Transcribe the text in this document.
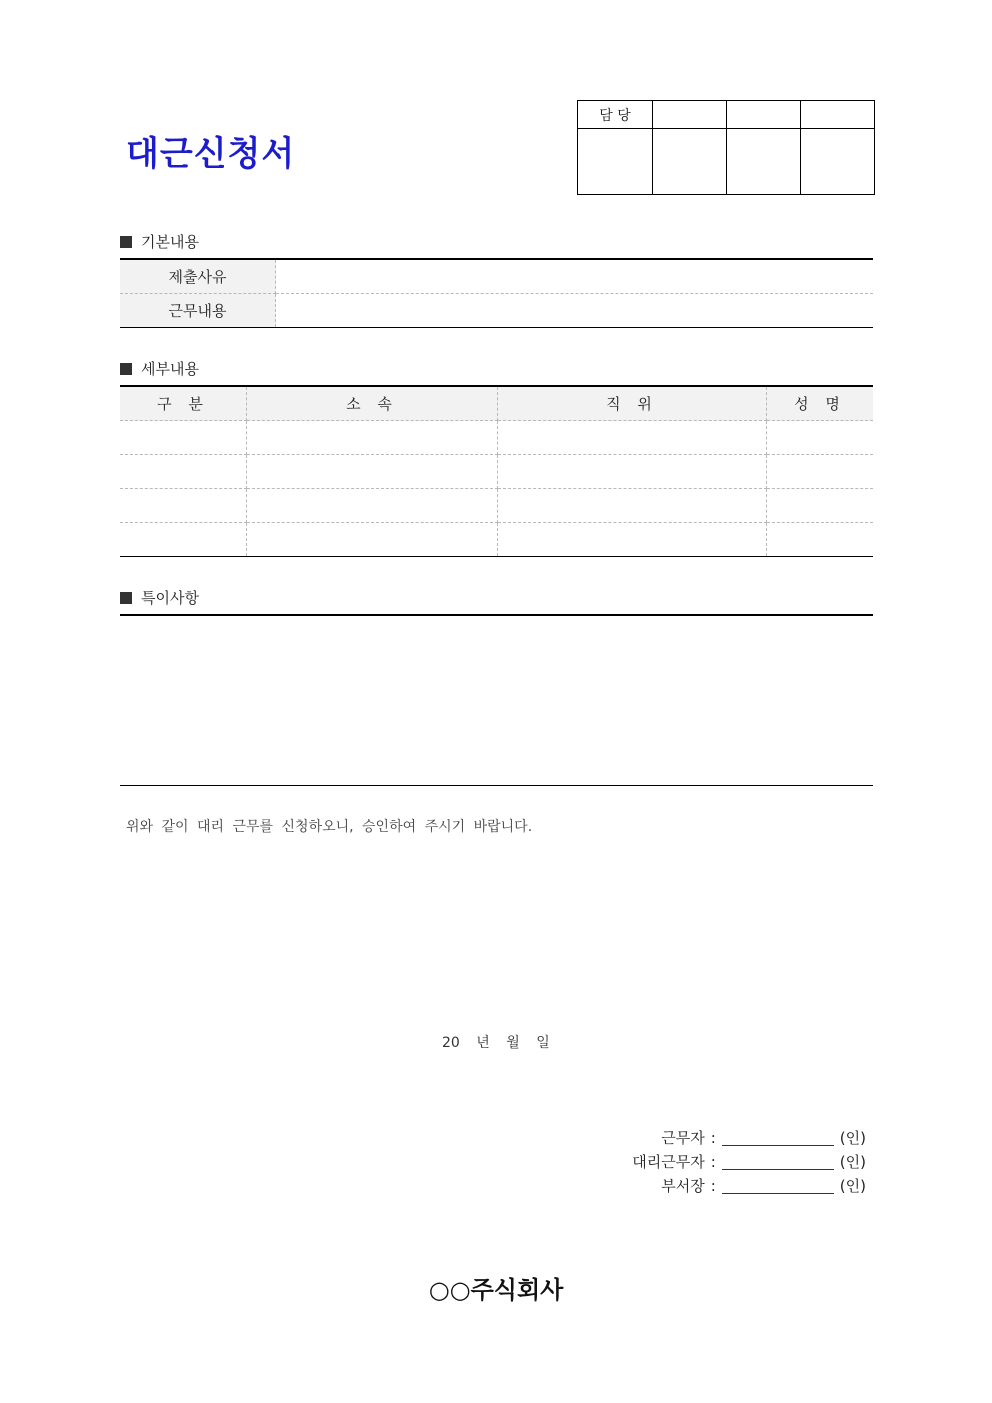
대근신청서
담 당			

기본내용
제출사유	
근무내용	
세부내용
구 분	소 속	직 위	성 명

특이사항
위와 같이 대리 근무를 신청하오니, 승인하여 주시기 바랍니다.
20 년 월 일
근무자 :	(인)
대리근무자 :	(인)
부서장 :	(인)
○○주식회사
